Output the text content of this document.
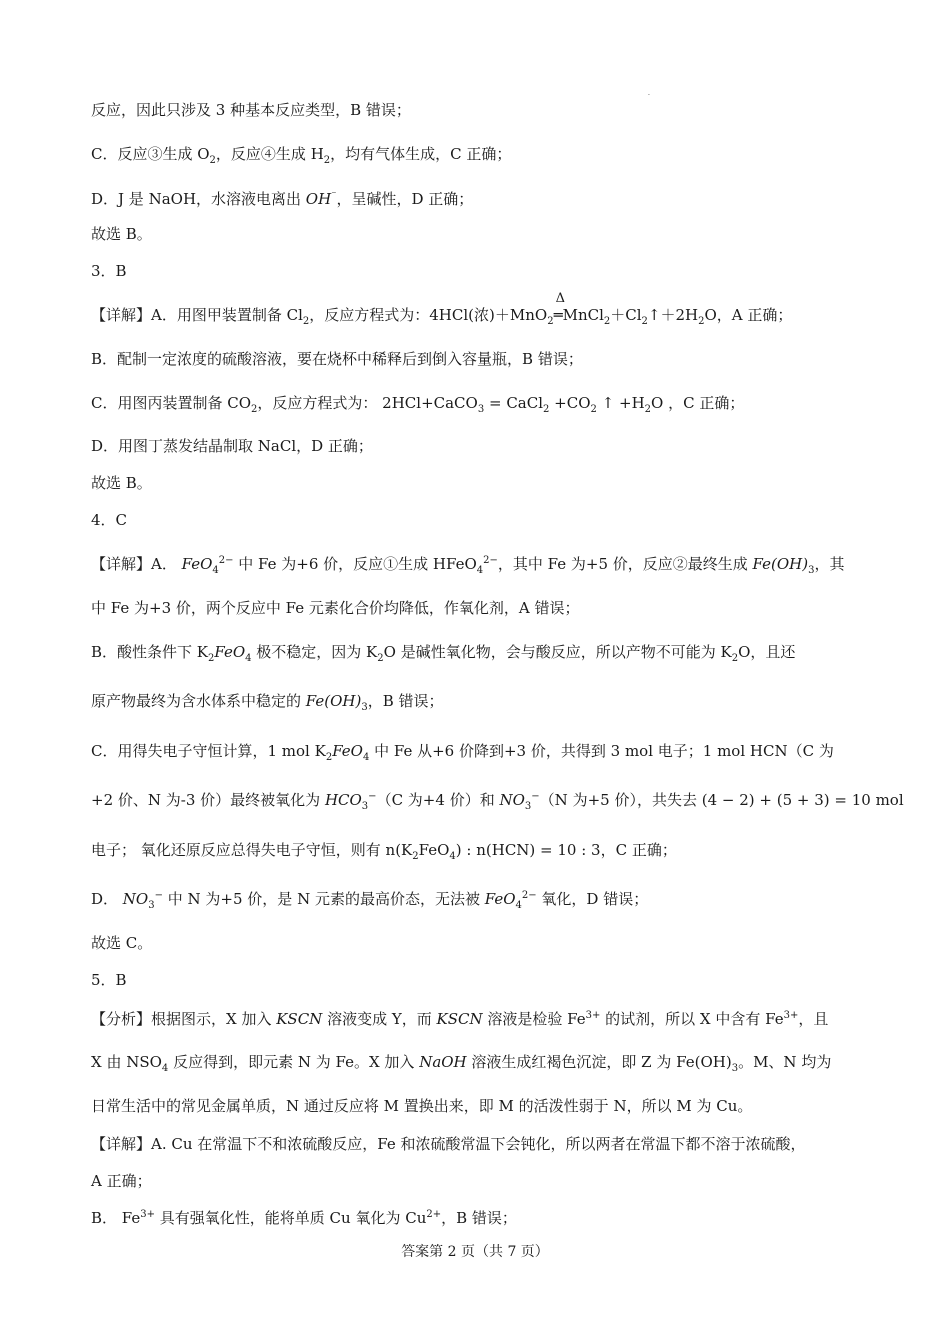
.
反应，因此只涉及 3 种基本反应类型，B 错误；
C．反应③生成 $O_2$，反应④生成 $H_2$，均有气体生成，C 正确；
D．J 是 NaOH，水溶液电离出 OH⁻，呈碱性，D 正确；
故选 B。
3．B
【详解】A．用图甲装置制备 $Cl_2$，反应方程式为：4HCl(浓)＋MnO$_2$
Δ
$═MnCl_2+Cl_2↑+2H_2O$，A 正确；
B．配制一定浓度的硫酸溶液，要在烧杯中稀释后到倒入容量瓶，B 错误；
C．用图丙装置制备 $CO_2$，反应方程式为： 2HCl+CaCO$_3$ = CaCl$_2$ $+CO_2$ ↑ $+H_2O$ ，C 正确；
D．用图丁蒸发结晶制取 NaCl，D 正确；
故选 B。
4．C
【详解】A． FeO$_4^{2-}$ 中 Fe 为+6 价，反应①生成 HFeO$_4^{2-}$，其中 Fe 为+5 价，反应②最终生成 $Fe(OH)_3$，其
中 Fe 为+3 价，两个反应中 Fe 元素化合价均降低，作氧化剂，A 错误；
B．酸性条件下 $K_2FeO_4$ 极不稳定，因为 $K_2O$ 是碱性氧化物，会与酸反应，所以产物不可能为 $K_2O$，且还
原产物最终为含水体系中稳定的 $Fe(OH)_3$，B 错误；
C．用得失电子守恒计算，1 mol $K_2FeO_4$ 中 Fe 从+6 价降到+3 价，共得到 3 mol 电子；1 mol HCN（C 为
+2 价、N 为-3 价）最终被氧化为 $HCO_3^-(C$ 为+4 价）和 $NO_3^-(N$ 为+5 价），共失去 (4 − 2) + (5 + 3) = 10 mol
电子； 氧化还原反应总得失电子守恒，则有 $n(K_2FeO_4)$ : n(HCN) = 10 : 3，C 正确；
D． $NO_3^-$ 中 N 为+5 价，是 N 元素的最高价态，无法被 FeO$_4^{2-}$ 氧化，D 错误；
故选 C。
5．B
【分析】根据图示，X 加入 KSCN 溶液变成 Y，而 KSCN 溶液是检验 $Fe^{3+}$ 的试剂，所以 X 中含有 $Fe^{3+}$，且
X 由 $NSO_4$ 反应得到，即元素 N 为 Fe。X 加入 NaOH 溶液生成红褐色沉淀，即 Z 为 $Fe(OH)_3$。M、N 均为
日常生活中的常见金属单质，N 通过反应将 M 置换出来，即 M 的活泼性弱于 N，所以 M 为 Cu。
【详解】A. Cu 在常温下不和浓硫酸反应，Fe 和浓硫酸常温下会钝化，所以两者在常温下都不溶于浓硫酸，
A 正确；
B． $Fe^{3+}$ 具有强氧化性，能将单质 Cu 氧化为 $Cu^{2+}$，B 错误；
答案第 2 页（共 7 页）
